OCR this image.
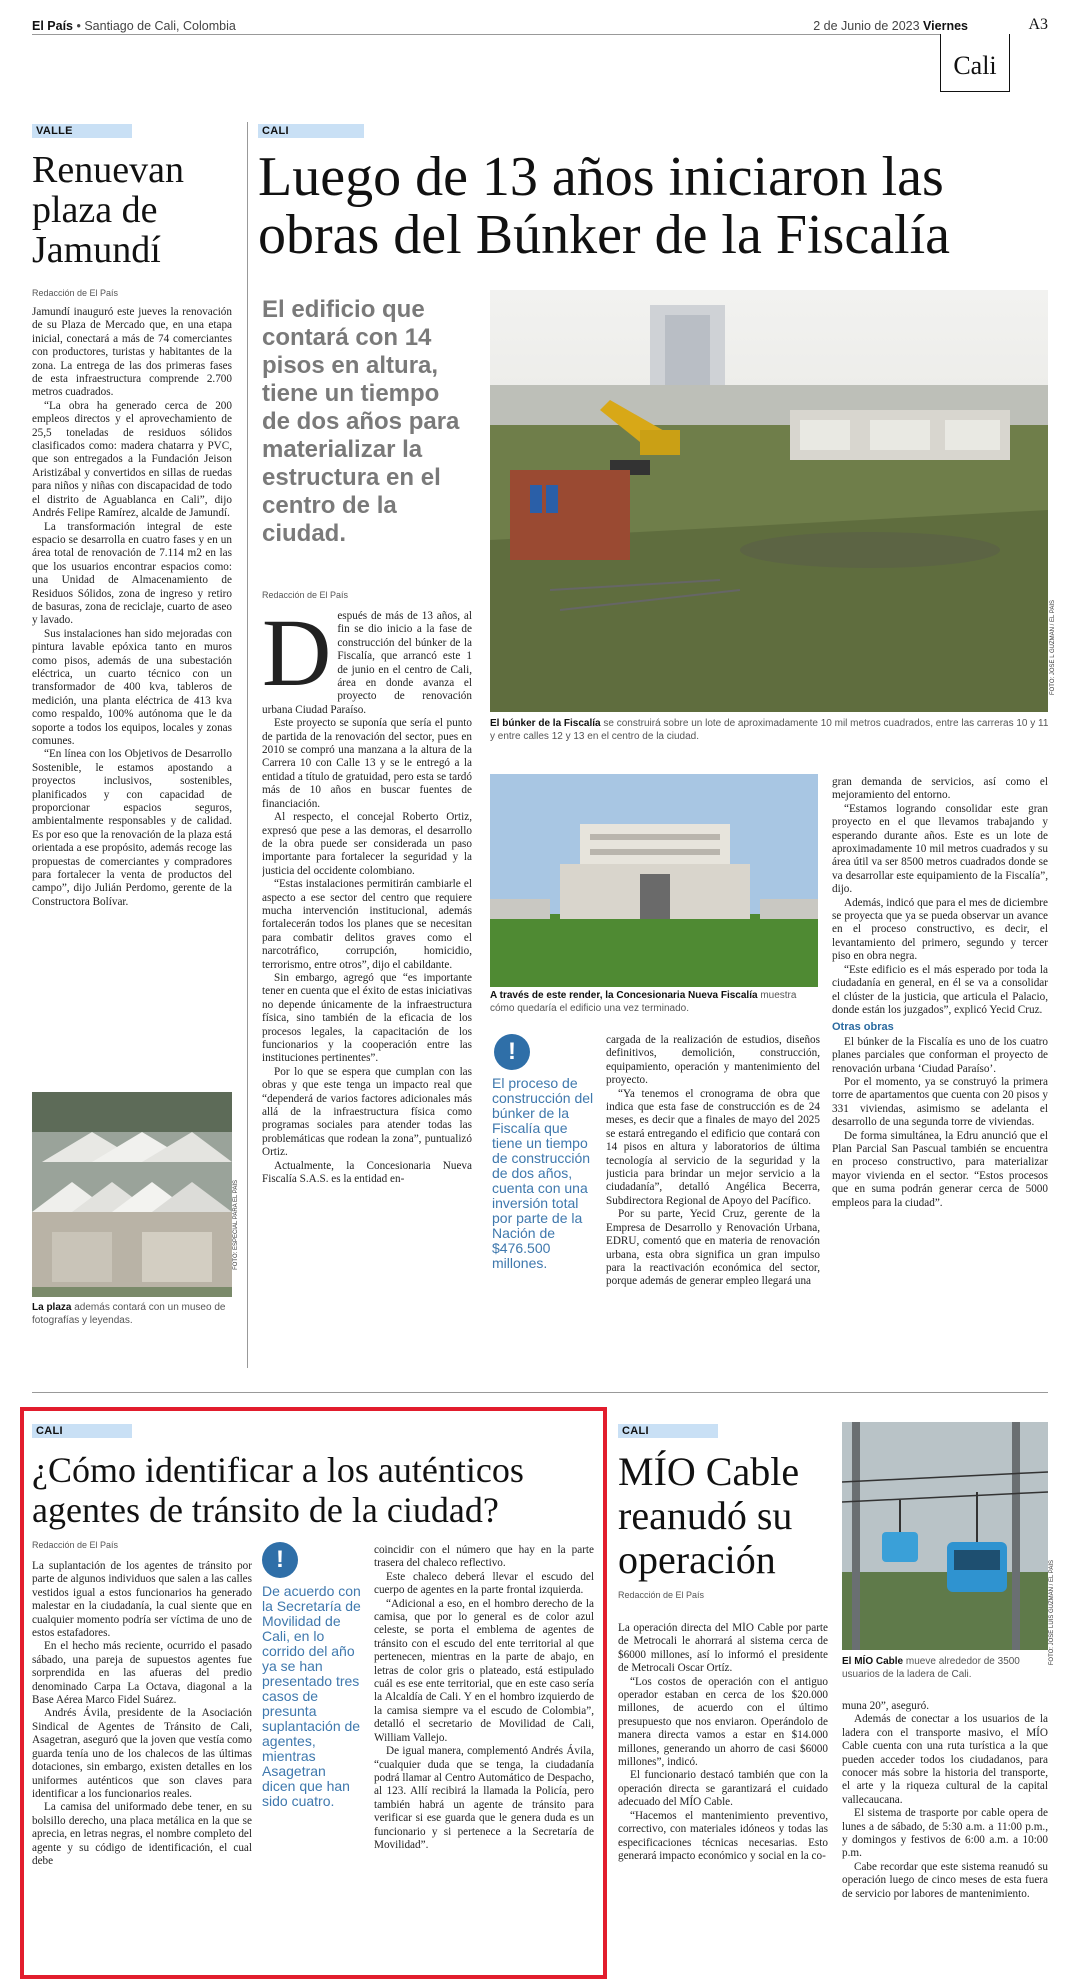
El País • Santiago de Cali, Colombia	2 de Junio de 2023 Viernes	A3
Cali
VALLE
Renuevan plaza de Jamundí
Redacción de El País

Jamundí inauguró este jueves la renovación de su Plaza de Mercado que, en una etapa inicial, conectará a más de 74 comerciantes con productores, turistas y habitantes de la zona. La entrega de las dos primeras fases de esta infraestructura comprende 2.700 metros cuadrados.

“La obra ha generado cerca de 200 empleos directos y el aprovechamiento de 25,5 toneladas de residuos sólidos clasificados como: madera chatarra y PVC, que son entregados a la Fundación Jeison Aristizábal y convertidos en sillas de ruedas para niños y niñas con discapacidad de todo el distrito de Aguablanca en Cali”, dijo Andrés Felipe Ramírez, alcalde de Jamundí.

La transformación integral de este espacio se desarrolla en cuatro fases y en un área total de renovación de 7.114 m2 en las que los usuarios encontrar espacios como: una Unidad de Almacenamiento de Residuos Sólidos, zona de ingreso y retiro de basuras, zona de reciclaje, cuarto de aseo y lavado.

Sus instalaciones han sido mejoradas con pintura lavable epóxica tanto en muros como pisos, además de una subestación eléctrica, un cuarto técnico con un transformador de 400 kva, tableros de medición, una planta eléctrica de 413 kva como respaldo, 100% autónoma que le da soporte a todos los equipos, locales y zonas comunes.

“En línea con los Objetivos de Desarrollo Sostenible, le estamos apostando a proyectos inclusivos, sostenibles, planificados y con capacidad de proporcionar espacios seguros, ambientalmente responsables y de calidad. Es por eso que la renovación de la plaza está orientada a ese propósito, además recoge las propuestas de comerciantes y compradores para fortalecer la venta de productos del campo”, dijo Julián Perdomo, gerente de la Constructora Bolívar.

FOTO: ESPECIAL PARA EL PAÍS
La plaza además contará con un museo de fotografías y leyendas.
CALI
Luego de 13 años iniciaron las obras del Búnker de la Fiscalía
El edificio que contará con 14 pisos en altura, tiene un tiempo de dos años para materializar la estructura en el centro de la ciudad.
Redacción de El País

Después de más de 13 años, al fin se dio inicio a la fase de construcción del búnker de la Fiscalía, que arrancó este 1 de junio en el centro de Cali, área en donde avanza el proyecto de renovación urbana Ciudad Paraíso.

Este proyecto se suponía que sería el punto de partida de la renovación del sector, pues en 2010 se compró una manzana a la altura de la Carrera 10 con Calle 13 y se le entregó a la entidad a título de gratuidad, pero esta se tardó más de 10 años en buscar fuentes de financiación.

Al respecto, el concejal Roberto Ortiz, expresó que pese a las demoras, el desarrollo de la obra puede ser considerada un paso importante para fortalecer la seguridad y la justicia del occidente colombiano.

“Estas instalaciones permitirán cambiarle el aspecto a ese sector del centro que requiere mucha intervención institucional, además fortalecerán todos los planes que se necesitan para combatir delitos graves como el narcotráfico, corrupción, homicidio, terrorismo, entre otros”, dijo el cabildante.

Sin embargo, agregó que “es importante tener en cuenta que el éxito de estas iniciativas no depende únicamente de la infraestructura física, sino también de la eficacia de los procesos legales, la capacitación de los funcionarios y la cooperación entre las instituciones pertinentes”.

Por lo que se espera que cumplan con las obras y que este tenga un impacto real que “dependerá de varios factores adicionales más allá de la infraestructura física como programas sociales para atender todas las problemáticas que rodean la zona”, puntualizó Ortiz.

Actualmente, la Concesionaria Nueva Fiscalía S.A.S. es la entidad en-

FOTO: JOSÉ L GUZMÁN / EL PAÍS
El búnker de la Fiscalía se construirá sobre un lote de aproximadamente 10 mil metros cuadrados, entre las carreras 10 y 11 y entre calles 12 y 13 en el centro de la ciudad.
A través de este render, la Concesionaria Nueva Fiscalía muestra cómo quedaría el edificio una vez terminado.
!
El proceso de construcción del búnker de la Fiscalía que tiene un tiempo de construcción de dos años, cuenta con una inversión total por parte de la Nación de $476.500 millones.

cargada de la realización de estudios, diseños definitivos, demolición, construcción, equipamiento, operación y mantenimiento del proyecto.

“Ya tenemos el cronograma de obra que indica que esta fase de construcción es de 24 meses, es decir que a finales de mayo del 2025 se estará entregando el edificio que contará con 14 pisos en altura y laboratorios de última tecnología al servicio de la seguridad y la justicia para brindar un mejor servicio a la ciudadanía”, detalló Angélica Becerra, Subdirectora Regional de Apoyo del Pacífico.

Por su parte, Yecid Cruz, gerente de la Empresa de Desarrollo y Renovación Urbana, EDRU, comentó que en materia de renovación urbana, esta obra significa un gran impulso para la reactivación económica del sector, porque además de generar empleo llegará una

gran demanda de servicios, así como el mejoramiento del entorno.

“Estamos logrando consolidar este gran proyecto en el que llevamos trabajando y esperando durante años. Este es un lote de aproximadamente 10 mil metros cuadrados y su área útil va ser 8500 metros cuadrados donde se va desarrollar este equipamiento de la Fiscalía”, dijo.

Además, indicó que para el mes de diciembre se proyecta que ya se pueda observar un avance en el proceso constructivo, es decir, el levantamiento del primero, segundo y tercer piso en obra negra.

“Este edificio es el más esperado por toda la ciudadanía en general, en él se va a consolidar el clúster de la justicia, que articula el Palacio, donde están los juzgados”, explicó Yecid Cruz.

Otras obras

El búnker de la Fiscalía es uno de los cuatro planes parciales que conforman el proyecto de renovación urbana ‘Ciudad Paraíso’.

Por el momento, ya se construyó la primera torre de apartamentos que cuenta con 20 pisos y 331 viviendas, asimismo se adelanta el desarrollo de una segunda torre de viviendas.

De forma simultánea, la Edru anunció que el Plan Parcial San Pascual también se encuentra en proceso constructivo, para materializar mayor vivienda en el sector. “Estos procesos que en suma podrán generar cerca de 5000 empleos para la ciudad”.

CALI
¿Cómo identificar a los auténticos agentes de tránsito de la ciudad?
Redacción de El País

La suplantación de los agentes de tránsito por parte de algunos individuos que salen a las calles vestidos igual a estos funcionarios ha generado malestar en la ciudadanía, la cual siente que en cualquier momento podría ser víctima de uno de estos estafadores.

En el hecho más reciente, ocurrido el pasado sábado, una pareja de supuestos agentes fue sorprendida en las afueras del predio denominado Carpa La Octava, diagonal a la Base Aérea Marco Fidel Suárez.

Andrés Ávila, presidente de la Asociación Sindical de Agentes de Tránsito de Cali, Asagetran, aseguró que la joven que vestía como guarda tenía uno de los chalecos de las últimas dotaciones, sin embargo, existen detalles en los uniformes auténticos que son claves para identificar a los funcionarios reales.

La camisa del uniformado debe tener, en su bolsillo derecho, una placa metálica en la que se aprecia, en letras negras, el nombre completo del agente y su código de identificación, el cual debe

!
De acuerdo con la Secretaría de Movilidad de Cali, en lo corrido del año ya se han presentado tres casos de presunta suplantación de agentes, mientras Asagetran dicen que han sido cuatro.

coincidir con el número que hay en la parte trasera del chaleco reflectivo.

Este chaleco deberá llevar el escudo del cuerpo de agentes en la parte frontal izquierda.

“Adicional a eso, en el hombro derecho de la camisa, que por lo general es de color azul celeste, se porta el emblema de agentes de tránsito con el escudo del ente territorial al que pertenecen, mientras en la parte de abajo, en letras de color gris o plateado, está estipulado cuál es ese ente territorial, que en este caso sería la Alcaldía de Cali. Y en el hombro izquierdo de la camisa siempre va el escudo de Colombia”, detalló el secretario de Movilidad de Cali, William Vallejo.

De igual manera, complementó Andrés Ávila, “cualquier duda que se tenga, la ciudadanía podrá llamar al Centro Automático de Despacho, al 123. Allí recibirá la llamada la Policía, pero también habrá un agente de tránsito para verificar si ese guarda que le genera duda es un funcionario y si pertenece a la Secretaría de Movilidad”.

CALI
MÍO Cable reanudó su operación
Redacción de El País	FOTO: JOSÉ LUIS GUZMÁN / EL PAÍS
El MÍO Cable mueve alrededor de 3500 usuarios de la ladera de Cali.

La operación directa del MÍO Cable por parte de Metrocali le ahorrará al sistema cerca de $6000 millones, así lo informó el presidente de Metrocali Oscar Ortíz.

“Los costos de operación con el antiguo operador estaban en cerca de los $20.000 millones, de acuerdo con el último presupuesto que nos enviaron. Operándolo de manera directa vamos a estar en $14.000 millones, generando un ahorro de casi $6000 millones”, indicó.

El funcionario destacó también que con la operación directa se garantizará el cuidado adecuado del MÍO Cable.

“Hacemos el mantenimiento preventivo, correctivo, con materiales idóneos y todas las especificaciones técnicas necesarias. Esto generará impacto económico y social en la co-

muna 20”, aseguró.

Además de conectar a los usuarios de la ladera con el transporte masivo, el MÍO Cable cuenta con una ruta turística a la que pueden acceder todos los ciudadanos, para conocer más sobre la historia del transporte, el arte y la riqueza cultural de la capital vallecaucana.

El sistema de trasporte por cable opera de lunes a de sábado, de 5:30 a.m. a 11:00 p.m., y domingos y festivos de 6:00 a.m. a 10:00 p.m.

Cabe recordar que este sistema reanudó su operación luego de cinco meses de esta fuera de servicio por labores de mantenimiento.
